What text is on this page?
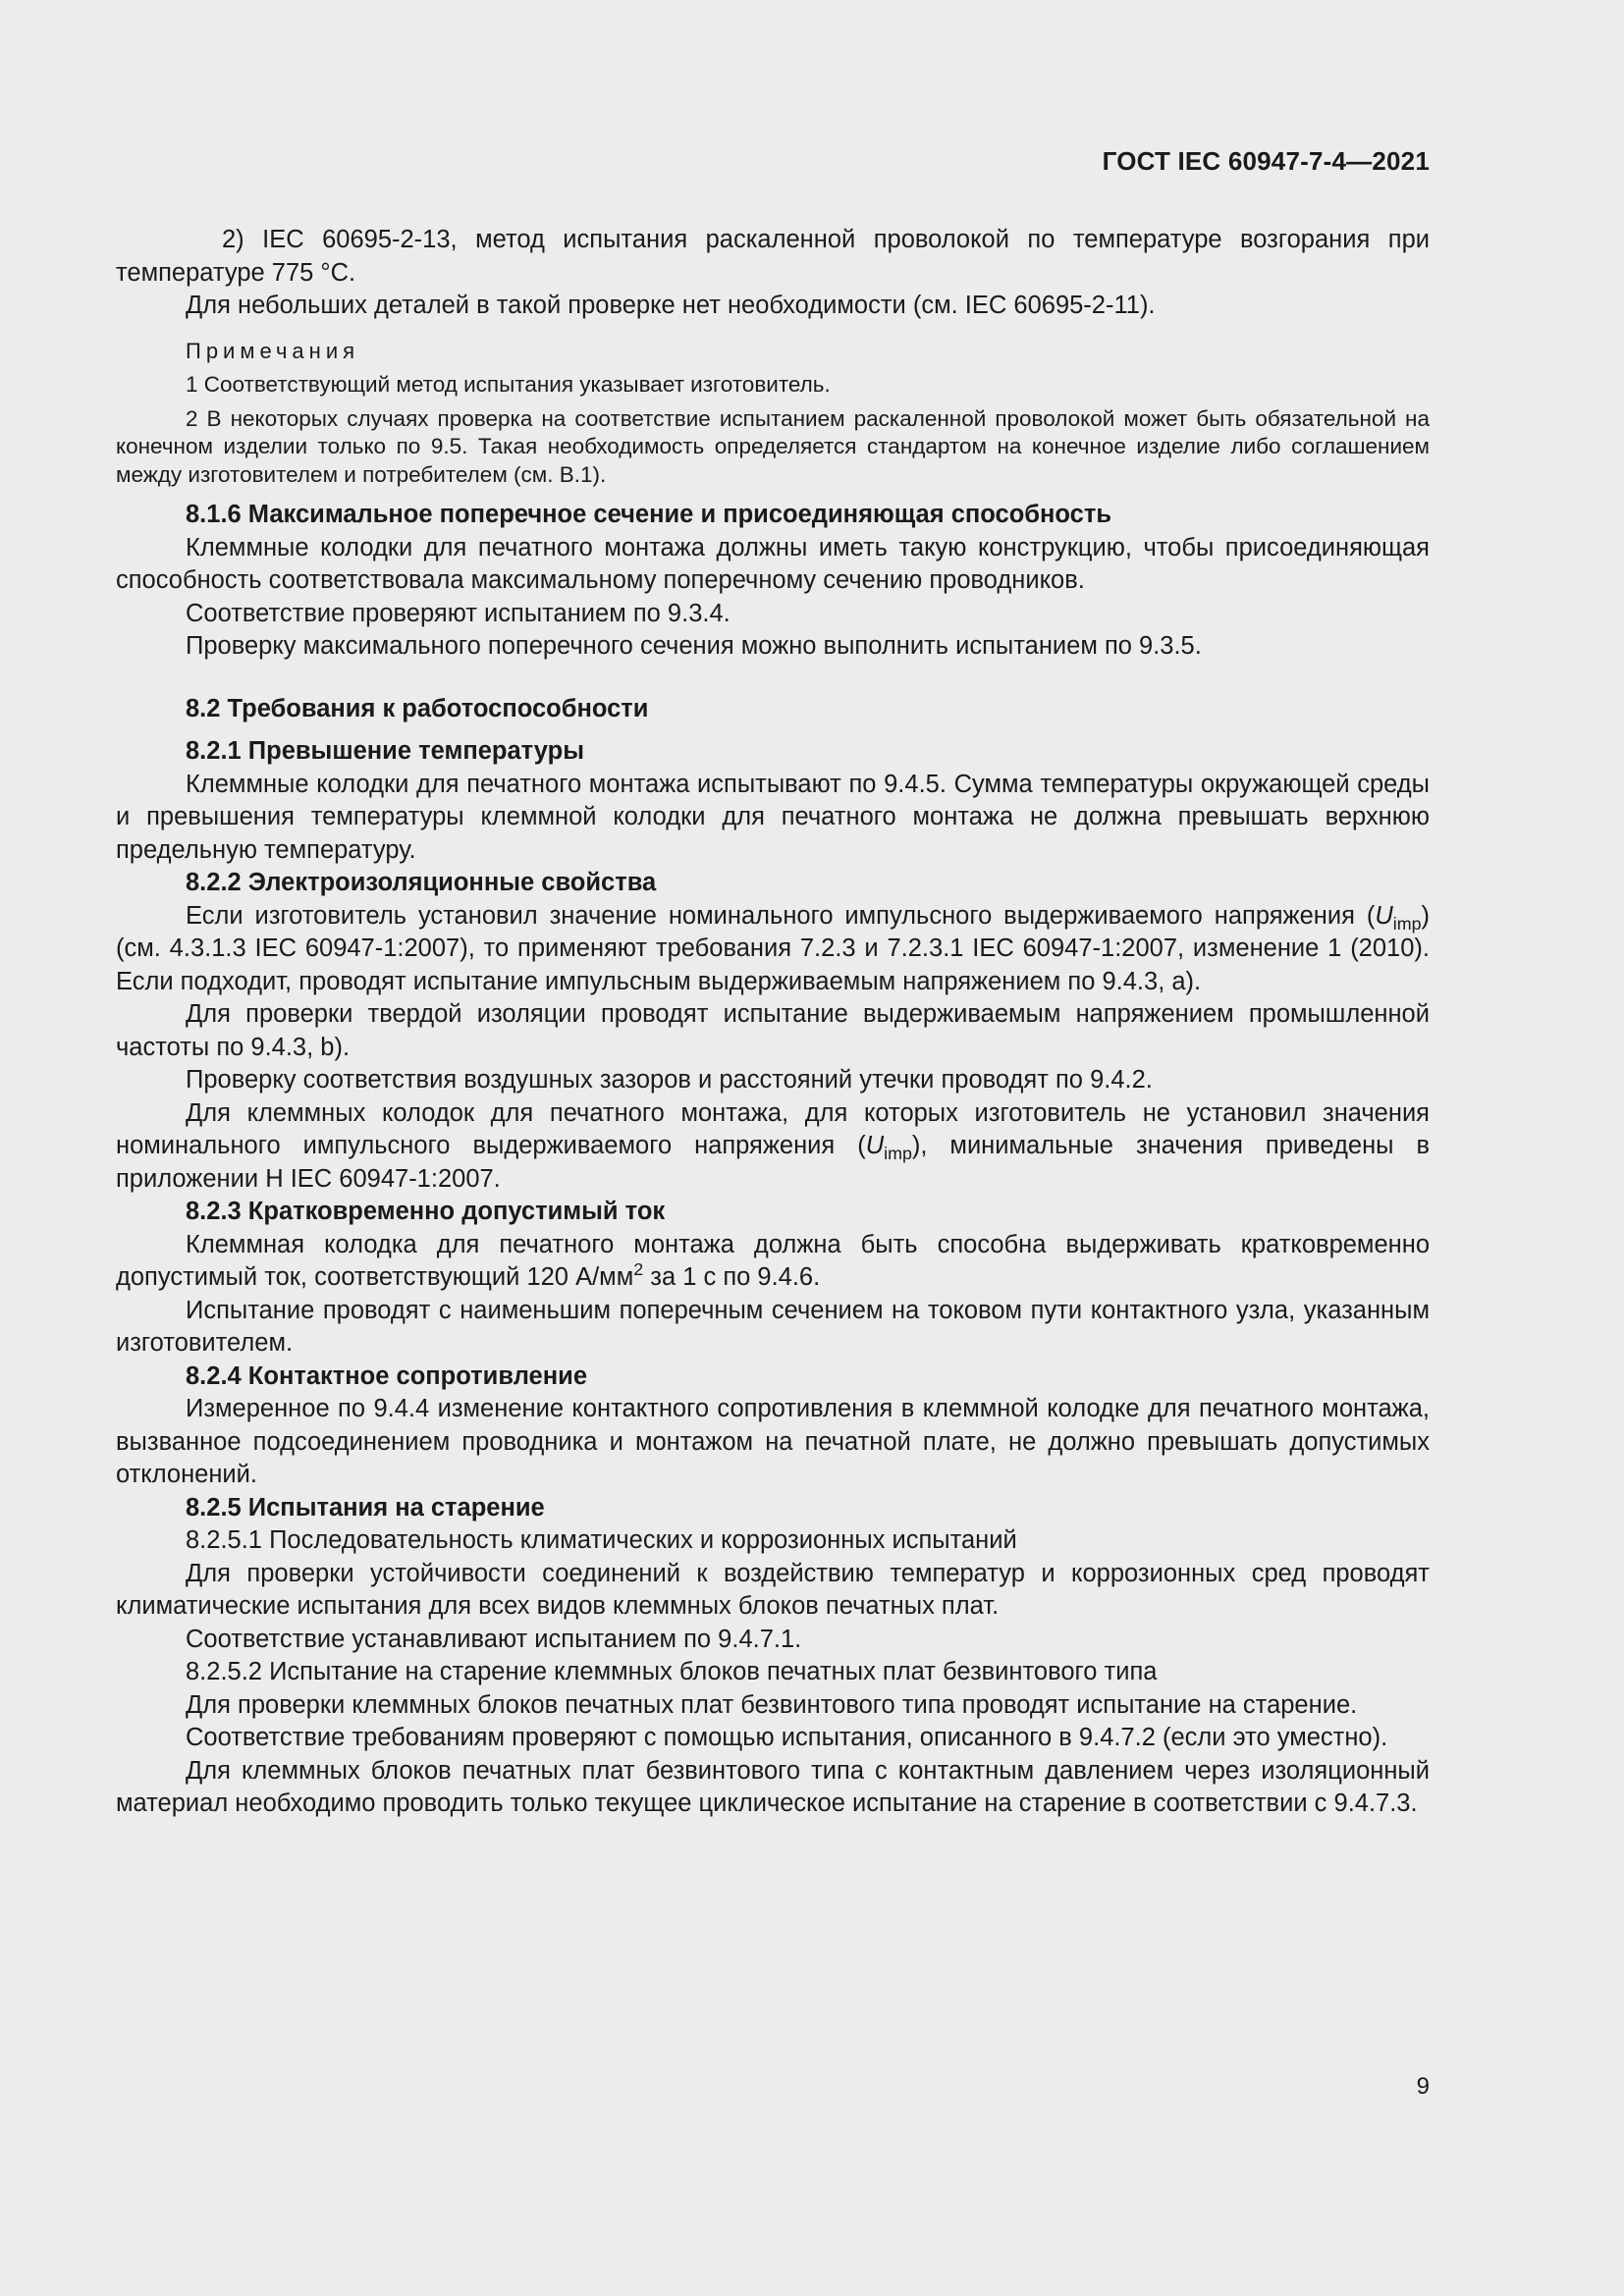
ГОСТ IEC 60947-7-4—2021

2) IEC 60695-2-13, метод испытания раскаленной проволокой по температуре возгорания при температуре 775 °C.

Для небольших деталей в такой проверке нет необходимости (см. IEC 60695-2-11).

Примечания

1 Соответствующий метод испытания указывает изготовитель.

2 В некоторых случаях проверка на соответствие испытанием раскаленной проволокой может быть обязательной на конечном изделии только по 9.5. Такая необходимость определяется стандартом на конечное изделие либо соглашением между изготовителем и потребителем (см. В.1).

8.1.6 Максимальное поперечное сечение и присоединяющая способность

Клеммные колодки для печатного монтажа должны иметь такую конструкцию, чтобы присоединяющая способность соответствовала максимальному поперечному сечению проводников.

Соответствие проверяют испытанием по 9.3.4.

Проверку максимального поперечного сечения можно выполнить испытанием по 9.3.5.

8.2 Требования к работоспособности
8.2.1 Превышение температуры

Клеммные колодки для печатного монтажа испытывают по 9.4.5. Сумма температуры окружающей среды и превышения температуры клеммной колодки для печатного монтажа не должна превышать верхнюю предельную температуру.

8.2.2 Электроизоляционные свойства

Если изготовитель установил значение номинального импульсного выдерживаемого напряжения $(U_{imp})$ (см. 4.3.1.3 IEC 60947-1:2007), то применяют требования 7.2.3 и 7.2.3.1 IEC 60947-1:2007, изменение 1 (2010). Если подходит, проводят испытание импульсным выдерживаемым напряжением по 9.4.3, a).

Для проверки твердой изоляции проводят испытание выдерживаемым напряжением промышленной частоты по 9.4.3, b).

Проверку соответствия воздушных зазоров и расстояний утечки проводят по 9.4.2.

Для клеммных колодок для печатного монтажа, для которых изготовитель не установил значения номинального импульсного выдерживаемого напряжения $(U_{imp})$, минимальные значения приведены в приложении H IEC 60947-1:2007.

8.2.3 Кратковременно допустимый ток

Клеммная колодка для печатного монтажа должна быть способна выдерживать кратковременно допустимый ток, соответствующий 120 $А/мм^2$ за 1 с по 9.4.6.

Испытание проводят с наименьшим поперечным сечением на токовом пути контактного узла, указанным изготовителем.

8.2.4 Контактное сопротивление

Измеренное по 9.4.4 изменение контактного сопротивления в клеммной колодке для печатного монтажа, вызванное подсоединением проводника и монтажом на печатной плате, не должно превышать допустимых отклонений.

8.2.5 Испытания на старение

8.2.5.1 Последовательность климатических и коррозионных испытаний

Для проверки устойчивости соединений к воздействию температур и коррозионных сред проводят климатические испытания для всех видов клеммных блоков печатных плат.

Соответствие устанавливают испытанием по 9.4.7.1.

8.2.5.2 Испытание на старение клеммных блоков печатных плат безвинтового типа

Для проверки клеммных блоков печатных плат безвинтового типа проводят испытание на старение.

Соответствие требованиям проверяют с помощью испытания, описанного в 9.4.7.2 (если это уместно).

Для клеммных блоков печатных плат безвинтового типа с контактным давлением через изоляционный материал необходимо проводить только текущее циклическое испытание на старение в соответствии с 9.4.7.3.

9
